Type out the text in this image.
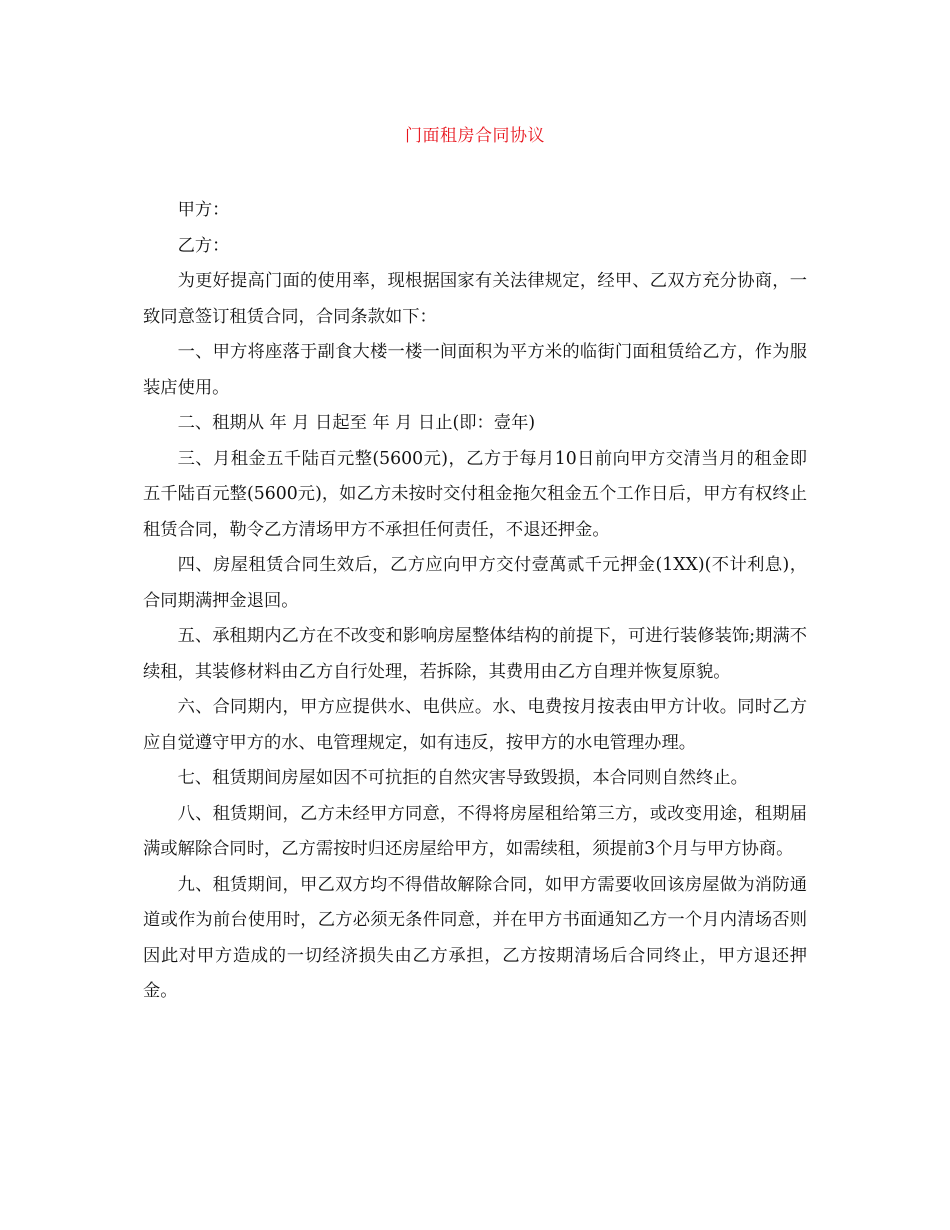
门面租房合同协议

甲方：

乙方：

为更好提高门面的使用率，现根据国家有关法律规定，经甲、乙双方充分协商，一致同意签订租赁合同，合同条款如下：

一、甲方将座落于副食大楼一楼一间面积为平方米的临街门面租赁给乙方，作为服装店使用。

二、租期从 年 月 日起至 年 月 日止(即：壹年)

三、月租金五千陆百元整(5600元)，乙方于每月10日前向甲方交清当月的租金即五千陆百元整(5600元)，如乙方未按时交付租金拖欠租金五个工作日后，甲方有权终止租赁合同，勒令乙方清场甲方不承担任何责任，不退还押金。

四、房屋租赁合同生效后，乙方应向甲方交付壹萬贰千元押金(1XX)(不计利息)，合同期满押金退回。

五、承租期内乙方在不改变和影响房屋整体结构的前提下，可进行装修装饰;期满不续租，其装修材料由乙方自行处理，若拆除，其费用由乙方自理并恢复原貌。

六、合同期内，甲方应提供水、电供应。水、电费按月按表由甲方计收。同时乙方应自觉遵守甲方的水、电管理规定，如有违反，按甲方的水电管理办理。

七、租赁期间房屋如因不可抗拒的自然灾害导致毁损，本合同则自然终止。

八、租赁期间，乙方未经甲方同意，不得将房屋租给第三方，或改变用途，租期届满或解除合同时，乙方需按时归还房屋给甲方，如需续租，须提前3个月与甲方协商。

九、租赁期间，甲乙双方均不得借故解除合同，如甲方需要收回该房屋做为消防通道或作为前台使用时，乙方必须无条件同意，并在甲方书面通知乙方一个月内清场否则因此对甲方造成的一切经济损失由乙方承担，乙方按期清场后合同终止，甲方退还押金。
